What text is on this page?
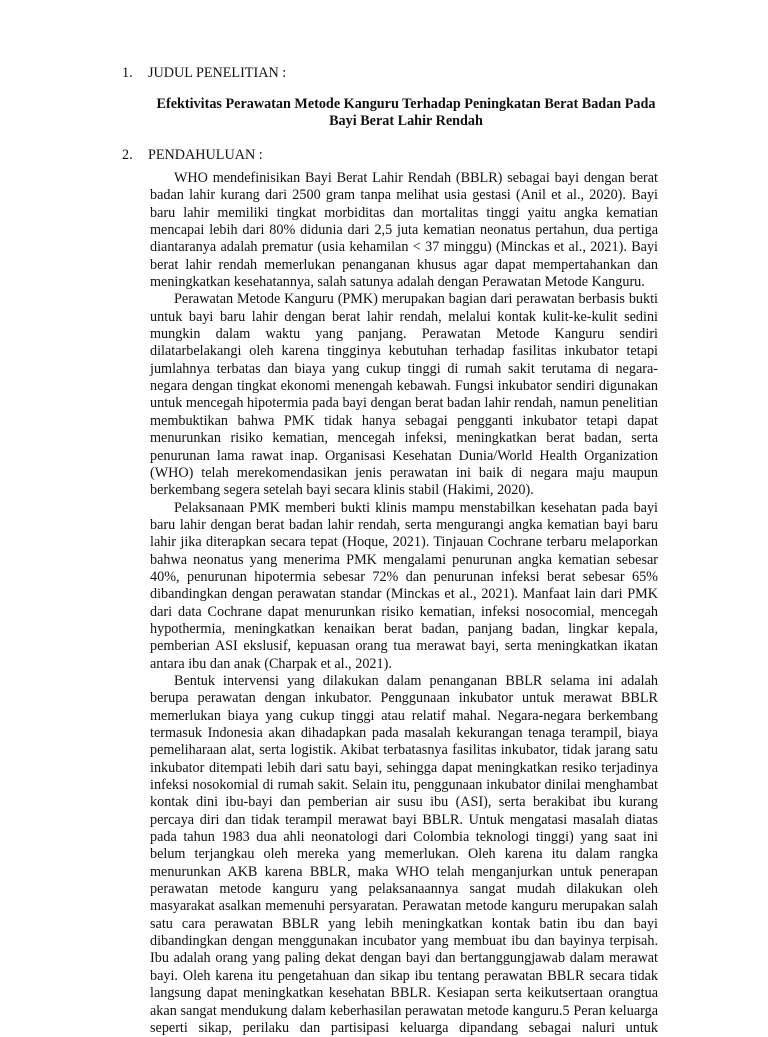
1. JUDUL PENELITIAN :
Efektivitas Perawatan Metode Kanguru Terhadap Peningkatan Berat Badan Pada Bayi Berat Lahir Rendah
2. PENDAHULUAN :

WHO mendefinisikan Bayi Berat Lahir Rendah (BBLR) sebagai bayi dengan berat badan lahir kurang dari 2500 gram tanpa melihat usia gestasi (Anil et al., 2020). Bayi baru lahir memiliki tingkat morbiditas dan mortalitas tinggi yaitu angka kematian mencapai lebih dari 80% didunia dari 2,5 juta kematian neonatus pertahun, dua pertiga diantaranya adalah prematur (usia kehamilan < 37 minggu) (Minckas et al., 2021). Bayi berat lahir rendah memerlukan penanganan khusus agar dapat mempertahankan dan meningkatkan kesehatannya, salah satunya adalah dengan Perawatan Metode Kanguru.

Perawatan Metode Kanguru (PMK) merupakan bagian dari perawatan berbasis bukti untuk bayi baru lahir dengan berat lahir rendah, melalui kontak kulit-ke-kulit sedini mungkin dalam waktu yang panjang. Perawatan Metode Kanguru sendiri dilatarbelakangi oleh karena tingginya kebutuhan terhadap fasilitas inkubator tetapi jumlahnya terbatas dan biaya yang cukup tinggi di rumah sakit terutama di negara-negara dengan tingkat ekonomi menengah kebawah. Fungsi inkubator sendiri digunakan untuk mencegah hipotermia pada bayi dengan berat badan lahir rendah, namun penelitian membuktikan bahwa PMK tidak hanya sebagai pengganti inkubator tetapi dapat menurunkan risiko kematian, mencegah infeksi, meningkatkan berat badan, serta penurunan lama rawat inap. Organisasi Kesehatan Dunia/World Health Organization (WHO) telah merekomendasikan jenis perawatan ini baik di negara maju maupun berkembang segera setelah bayi secara klinis stabil (Hakimi, 2020).

Pelaksanaan PMK memberi bukti klinis mampu menstabilkan kesehatan pada bayi baru lahir dengan berat badan lahir rendah, serta mengurangi angka kematian bayi baru lahir jika diterapkan secara tepat (Hoque, 2021). Tinjauan Cochrane terbaru melaporkan bahwa neonatus yang menerima PMK mengalami penurunan angka kematian sebesar 40%, penurunan hipotermia sebesar 72% dan penurunan infeksi berat sebesar 65% dibandingkan dengan perawatan standar (Minckas et al., 2021). Manfaat lain dari PMK dari data Cochrane dapat menurunkan risiko kematian, infeksi nosocomial, mencegah hypothermia, meningkatkan kenaikan berat badan, panjang badan, lingkar kepala, pemberian ASI ekslusif, kepuasan orang tua merawat bayi, serta meningkatkan ikatan antara ibu dan anak (Charpak et al., 2021).

Bentuk intervensi yang dilakukan dalam penanganan BBLR selama ini adalah berupa perawatan dengan inkubator. Penggunaan inkubator untuk merawat BBLR memerlukan biaya yang cukup tinggi atau relatif mahal. Negara-negara berkembang termasuk Indonesia akan dihadapkan pada masalah kekurangan tenaga terampil, biaya pemeliharaan alat, serta logistik. Akibat terbatasnya fasilitas inkubator, tidak jarang satu inkubator ditempati lebih dari satu bayi, sehingga dapat meningkatkan resiko terjadinya infeksi nosokomial di rumah sakit. Selain itu, penggunaan inkubator dinilai menghambat kontak dini ibu-bayi dan pemberian air susu ibu (ASI), serta berakibat ibu kurang percaya diri dan tidak terampil merawat bayi BBLR. Untuk mengatasi masalah diatas pada tahun 1983 dua ahli neonatologi dari Colombia teknologi tinggi) yang saat ini belum terjangkau oleh mereka yang memerlukan. Oleh karena itu dalam rangka menurunkan AKB karena BBLR, maka WHO telah menganjurkan untuk penerapan perawatan metode kanguru yang pelaksanaannya sangat mudah dilakukan oleh masyarakat asalkan memenuhi persyaratan. Perawatan metode kanguru merupakan salah satu cara perawatan BBLR yang lebih meningkatkan kontak batin ibu dan bayi dibandingkan dengan menggunakan incubator yang membuat ibu dan bayinya terpisah. Ibu adalah orang yang paling dekat dengan bayi dan bertanggungjawab dalam merawat bayi. Oleh karena itu pengetahuan dan sikap ibu tentang perawatan BBLR secara tidak langsung dapat meningkatkan kesehatan BBLR. Kesiapan serta keikutsertaan orangtua akan sangat mendukung dalam keberhasilan perawatan metode kanguru.5 Peran keluarga seperti sikap, perilaku dan partisipasi keluarga dipandang sebagai naluri untuk
